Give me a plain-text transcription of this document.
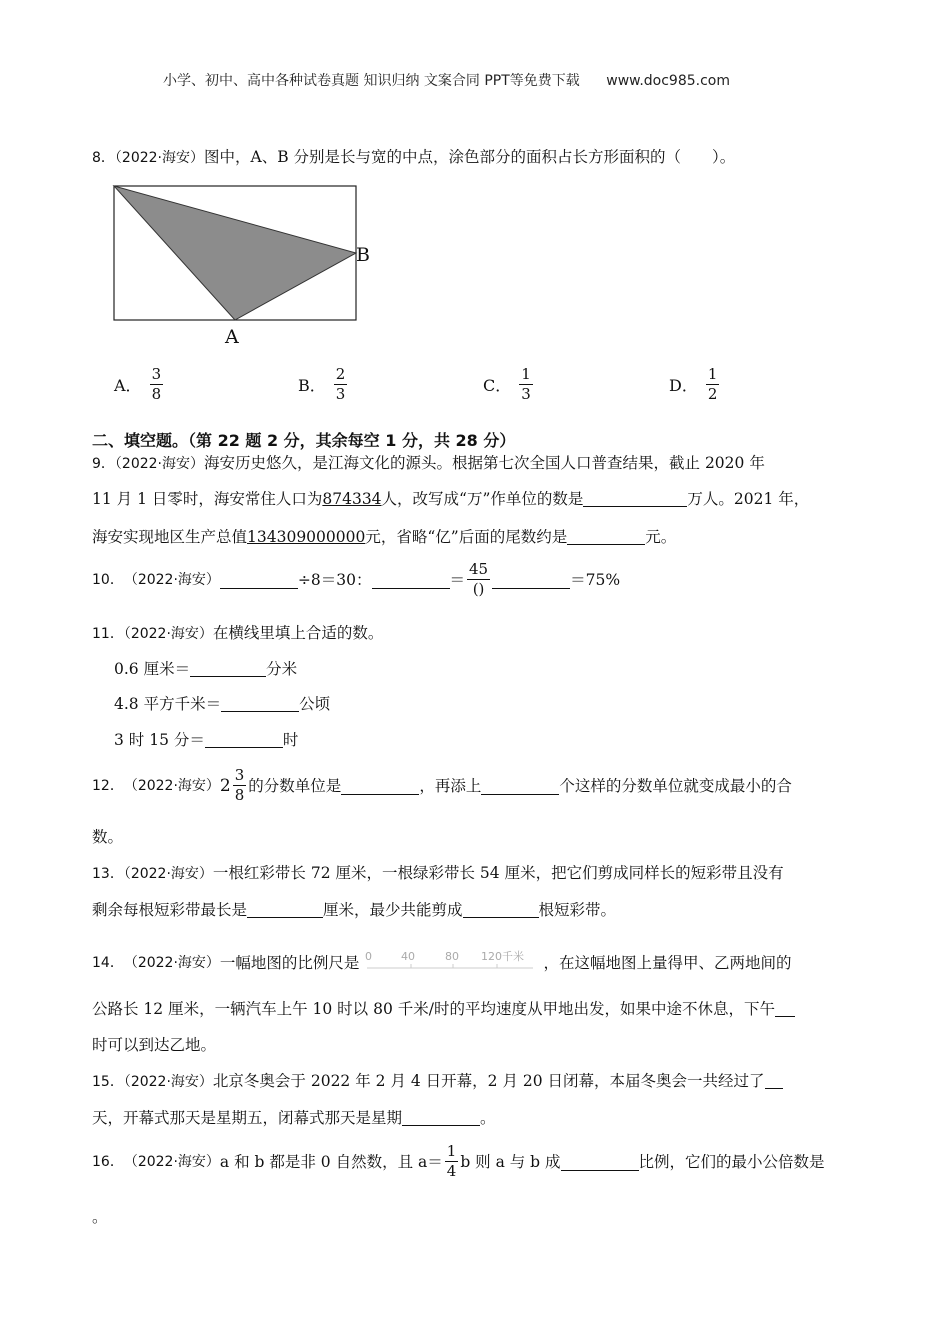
小学、初中、高中各种试卷真题 知识归纳 文案合同 PPT等免费下载 www.doc985.com
8．（2022·海安）图中，A、B 分别是长与宽的中点，涂色部分的面积占长方形面积的（　　）。
B
A
A． $\frac{3}{8}$	B． $\frac{2}{3}$	C． $\frac{1}{3}$	D． $\frac{1}{2}$
二、填空题。（第 22 题 2 分，其余每空 1 分，共 28 分）
9．（2022·海安）海安历史悠久，是江海文化的源头。根据第七次全国人口普查结果，截止 2020 年
11 月 1 日零时，海安常住人口为874334人，改写成“万”作单位的数是	万人。2021 年，
海安实现地区生产总值134309000000元，省略“亿”后面的尾数约是	元。
10． （2022·海安）	÷8＝30：	＝ $\frac{45}{()}$	＝75%
11．（2022·海安）在横线里填上合适的数。
0.6 厘米＝	分米
4.8 平方千米＝	公顷
3 时 15 分＝	时
12． （2022·海安） $2 \frac{3}{8}$ 的分数单位是	，再添上	个这样的分数单位就变成最小的合
数。
13．（2022·海安）一根红彩带长 72 厘米，一根绿彩带长 54 厘米，把它们剪成同样长的短彩带且没有
剩余每根短彩带最长是	厘米，最少共能剪成	根短彩带。
14． （2022·海安） 一幅地图的比例尺是 0	40	80 120千米 ，在这幅地图上量得甲、乙两地间的
公路长 12 厘米，一辆汽车上午 10 时以 80 千米/时的平均速度从甲地出发，如果中途不休息，下午
时可以到达乙地。
15．（2022·海安）北京冬奥会于 2022 年 2 月 4 日开幕，2 月 20 日闭幕，本届冬奥会一共经过了
天，开幕式那天是星期五，闭幕式那天是星期	。
16． （2022·海安） a 和 b 都是非 0 自然数，且 $a= \frac{1}{4}$ b 则 a 与 b 成	比例，它们的最小公倍数是
。
